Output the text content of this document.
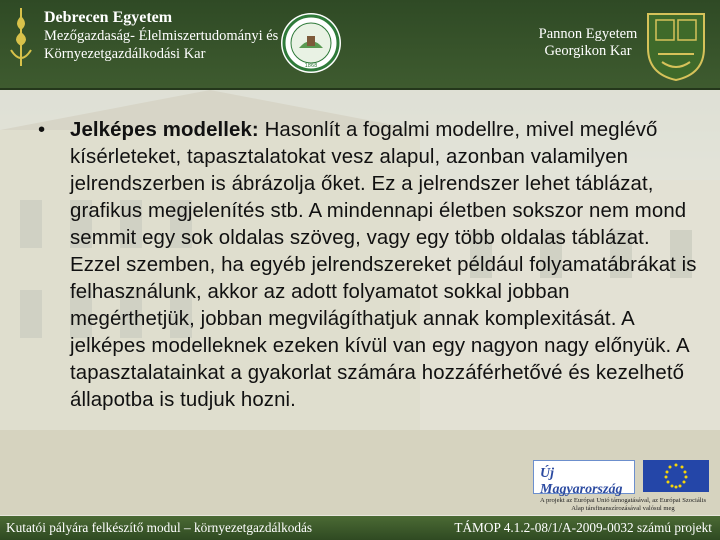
Debrecen Egyetem
Mezőgazdaság- Élelmiszertudományi és
Környezetgazdálkodási Kar
1868
Pannon Egyetem
Georgikon Kar
•	Jelképes modellek: Hasonlít a fogalmi modellre, mivel meglévő kísérleteket, tapasztalatokat vesz alapul, azonban valamilyen jelrendszerben is ábrázolja őket. Ez a jelrendszer lehet táblázat, grafikus megjelenítés stb. A mindennapi életben sokszor nem mond semmit egy sok oldalas szöveg, vagy egy több oldalas táblázat. Ezzel szemben, ha egyéb jelrendszereket például folyamatábrákat is felhasználunk, akkor az adott folyamatot sokkal jobban megérthetjük, jobban megvilágíthatjuk annak komplexitását. A jelképes modelleknek ezeken kívül van egy nagyon nagy előnyük. A tapasztalatainkat a gyakorlat számára hozzáférhetővé és kezelhető állapotba is tudjuk hozni.
Új Magyarország
A projekt az Európai Unió támogatásával, az Európai Szociális Alap társfinanszírozásával valósul meg
Kutatói pályára felkészítő modul – környezetgazdálkodás	TÁMOP 4.1.2-08/1/A-2009-0032 számú projekt
